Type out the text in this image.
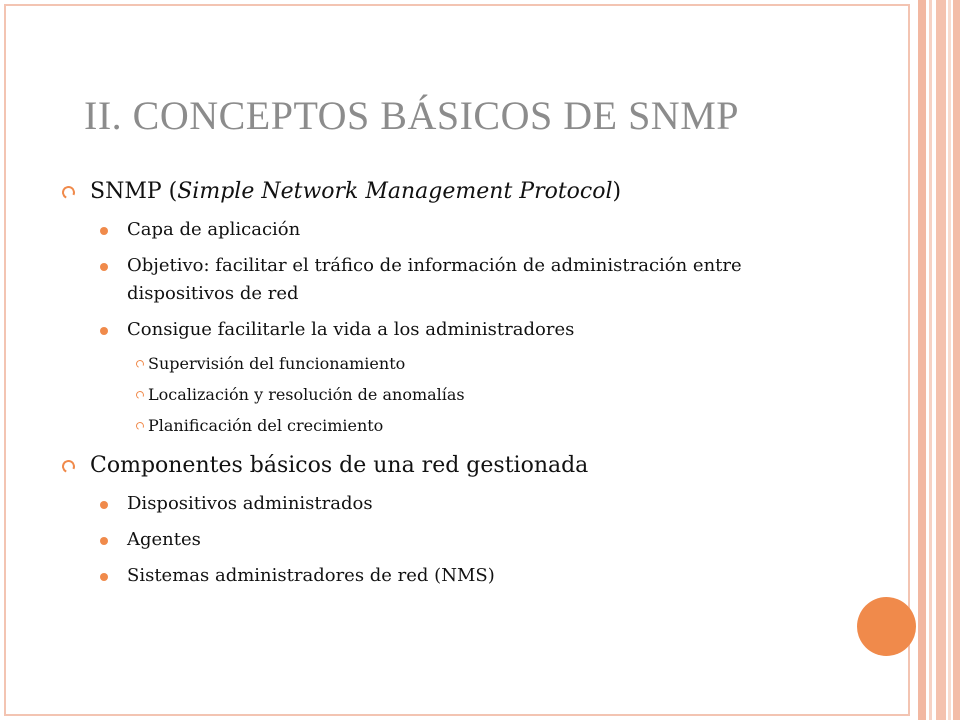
II. CONCEPTOS BÁSICOS DE SNMP
SNMP (Simple Network Management Protocol)
Capa de aplicación
Objetivo: facilitar el tráfico de información de administración entre dispositivos de red
Consigue facilitarle la vida a los administradores
Supervisión del funcionamiento
Localización y resolución de anomalías
Planificación del crecimiento
Componentes básicos de una red gestionada
Dispositivos administrados
Agentes
Sistemas administradores de red (NMS)
